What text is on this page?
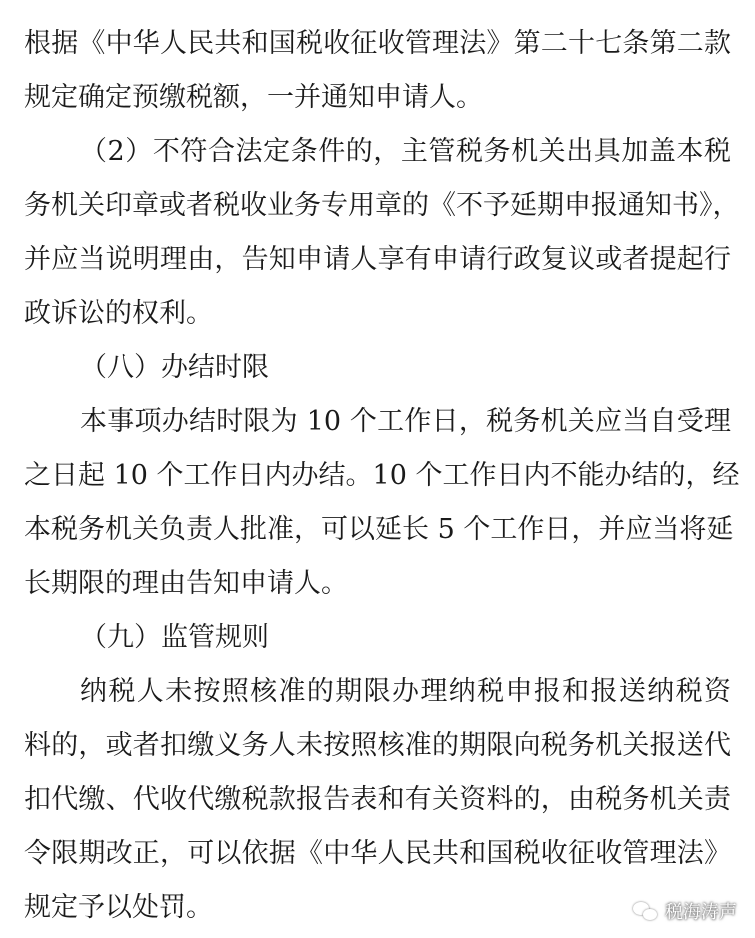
根据《中华人民共和国税收征收管理法》第二十七条第二款
规定确定预缴税额，一并通知申请人。
（2）不符合法定条件的，主管税务机关出具加盖本税
务机关印章或者税收业务专用章的《不予延期申报通知书》，
并应当说明理由，告知申请人享有申请行政复议或者提起行
政诉讼的权利。
（八）办结时限
本事项办结时限为 10 个工作日，税务机关应当自受理
之日起 10 个工作日内办结。10 个工作日内不能办结的，经
本税务机关负责人批准，可以延长 5 个工作日，并应当将延
长期限的理由告知申请人。
（九）监管规则
纳税人未按照核准的期限办理纳税申报和报送纳税资
料的，或者扣缴义务人未按照核准的期限向税务机关报送代
扣代缴、代收代缴税款报告表和有关资料的，由税务机关责
令限期改正，可以依据《中华人民共和国税收征收管理法》
规定予以处罚。	税海涛声
